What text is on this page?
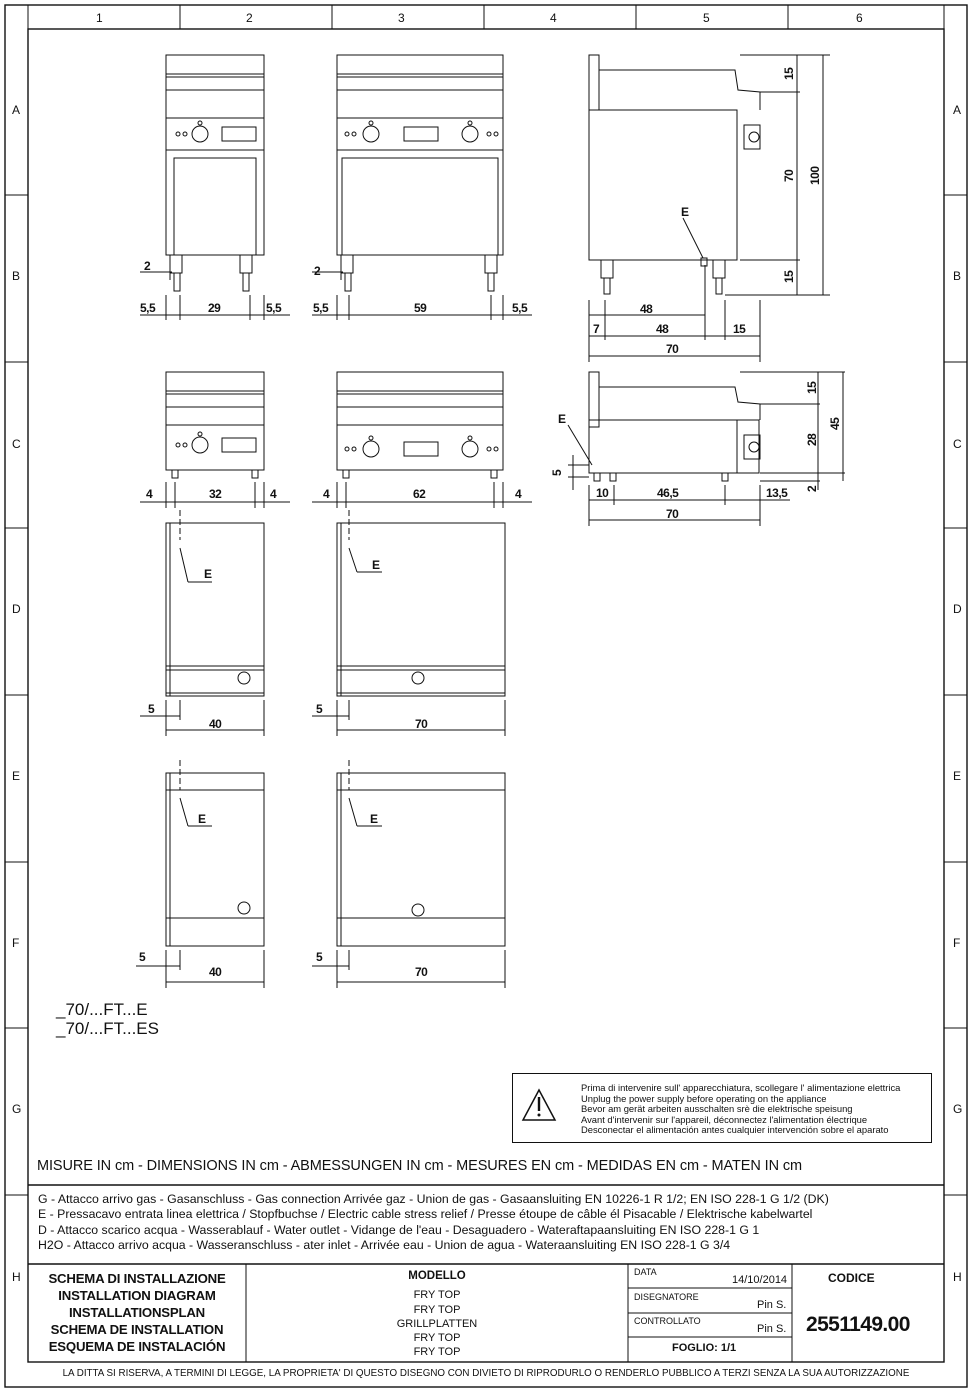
1	2	3	4	5	6
A
B
C
D
E
F
G
H
A
B
C
D
E
F
G
H
5,5	29	5,5
2
5,5	59	5,5
2
7	48	15
70
48
E
15
70 100
15
4	32	4	4	62	4	10	46,5	13,5
70
E
15
28
45
2
5
5
40
E
5
70
E
5
40
E
5
70
E
_70/...FT...E
_70/...FT...ES
Prima di intervenire sull' apparecchiatura, scollegare l' alimentazione elettrica
Unplug the power supply before operating on the appliance
Bevor am gerät arbeiten ausschalten srè die elektrische speisung
Avant d'intervenir sur l'appareil, déconnectez l'alimentation électrique
Desconectar el alimentación antes cualquier intervención sobre el aparato
MISURE IN cm - DIMENSIONS IN cm - ABMESSUNGEN IN cm - MESURES EN cm - MEDIDAS EN cm - MATEN IN cm
G - Attacco arrivo gas - Gasanschluss - Gas connection Arrivée gaz - Union de gas - Gasaansluiting EN 10226-1 R 1/2; EN ISO 228-1 G 1/2 (DK)
E - Pressacavo entrata linea elettrica / Stopfbuchse / Electric cable stress relief / Presse étoupe de câble él Pisacable / Elektrische kabelwartel
D - Attacco scarico acqua - Wasserablauf - Water outlet - Vidange de l'eau - Desaguadero - Wateraftapaansluiting EN ISO 228-1 G 1
H2O - Attacco arrivo acqua - Wasseranschluss - ater inlet - Arrivée eau - Union de agua - Wateraansluiting EN ISO 228-1 G 3/4
SCHEMA DI INSTALLAZIONE
INSTALLATION DIAGRAM
INSTALLATIONSPLAN
SCHEMA DE INSTALLATION
ESQUEMA DE INSTALACIÓN
MODELLO
FRY TOP
FRY TOP
GRILLPLATTEN
FRY TOP
FRY TOP
DATA
14/10/2014
DISEGNATORE
Pin S.
CONTROLLATO
Pin S.
FOGLIO: 1/1
CODICE
2551149.00
LA DITTA SI RISERVA, A TERMINI DI LEGGE, LA PROPRIETA' DI QUESTO DISEGNO CON DIVIETO DI RIPRODURLO O RENDERLO PUBBLICO A TERZI SENZA LA SUA AUTORIZZAZIONE
